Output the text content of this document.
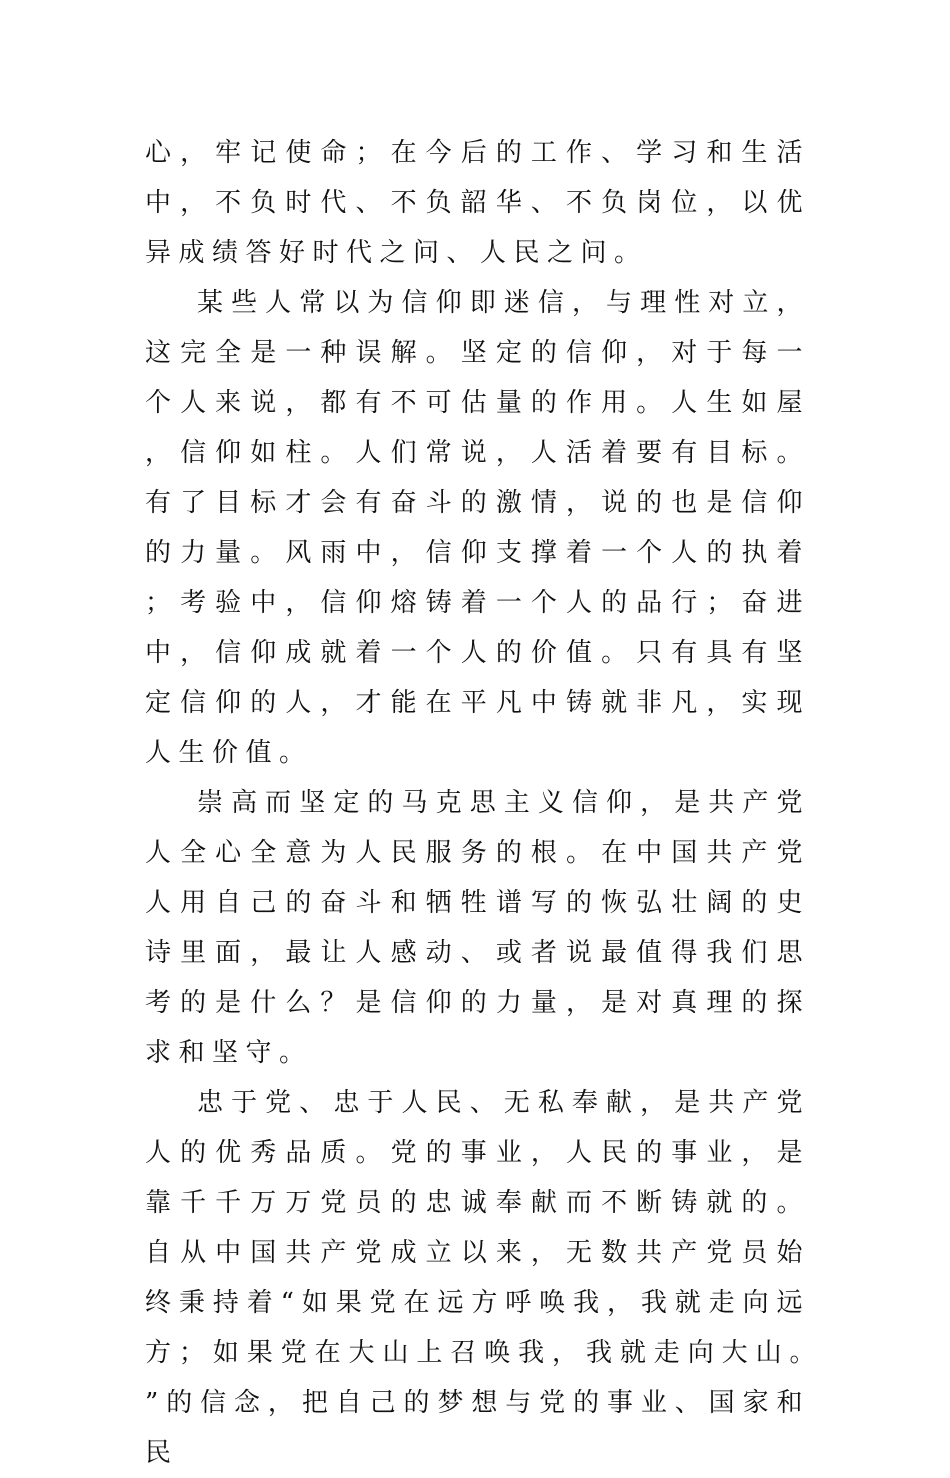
心，牢记使命；在今后的工作、学习和生活中，不负时代、不负韶华、不负岗位，以优异成绩答好时代之问、人民之问。

某些人常以为信仰即迷信，与理性对立，这完全是一种误解。坚定的信仰，对于每一个人来说，都有不可估量的作用。人生如屋，信仰如柱。人们常说，人活着要有目标。有了目标才会有奋斗的激情，说的也是信仰的力量。风雨中，信仰支撑着一个人的执着；考验中，信仰熔铸着一个人的品行；奋进中，信仰成就着一个人的价值。只有具有坚定信仰的人，才能在平凡中铸就非凡，实现人生价值。

崇高而坚定的马克思主义信仰，是共产党人全心全意为人民服务的根。在中国共产党人用自己的奋斗和牺牲谱写的恢弘壮阔的史诗里面，最让人感动、或者说最值得我们思考的是什么？是信仰的力量，是对真理的探求和坚守。

忠于党、忠于人民、无私奉献，是共产党人的优秀品质。党的事业，人民的事业，是靠千千万万党员的忠诚奉献而不断铸就的。自从中国共产党成立以来，无数共产党员始终秉持着“如果党在远方呼唤我，我就走向远方；如果党在大山上召唤我，我就走向大山。”的信念，把自己的梦想与党的事业、国家和民
